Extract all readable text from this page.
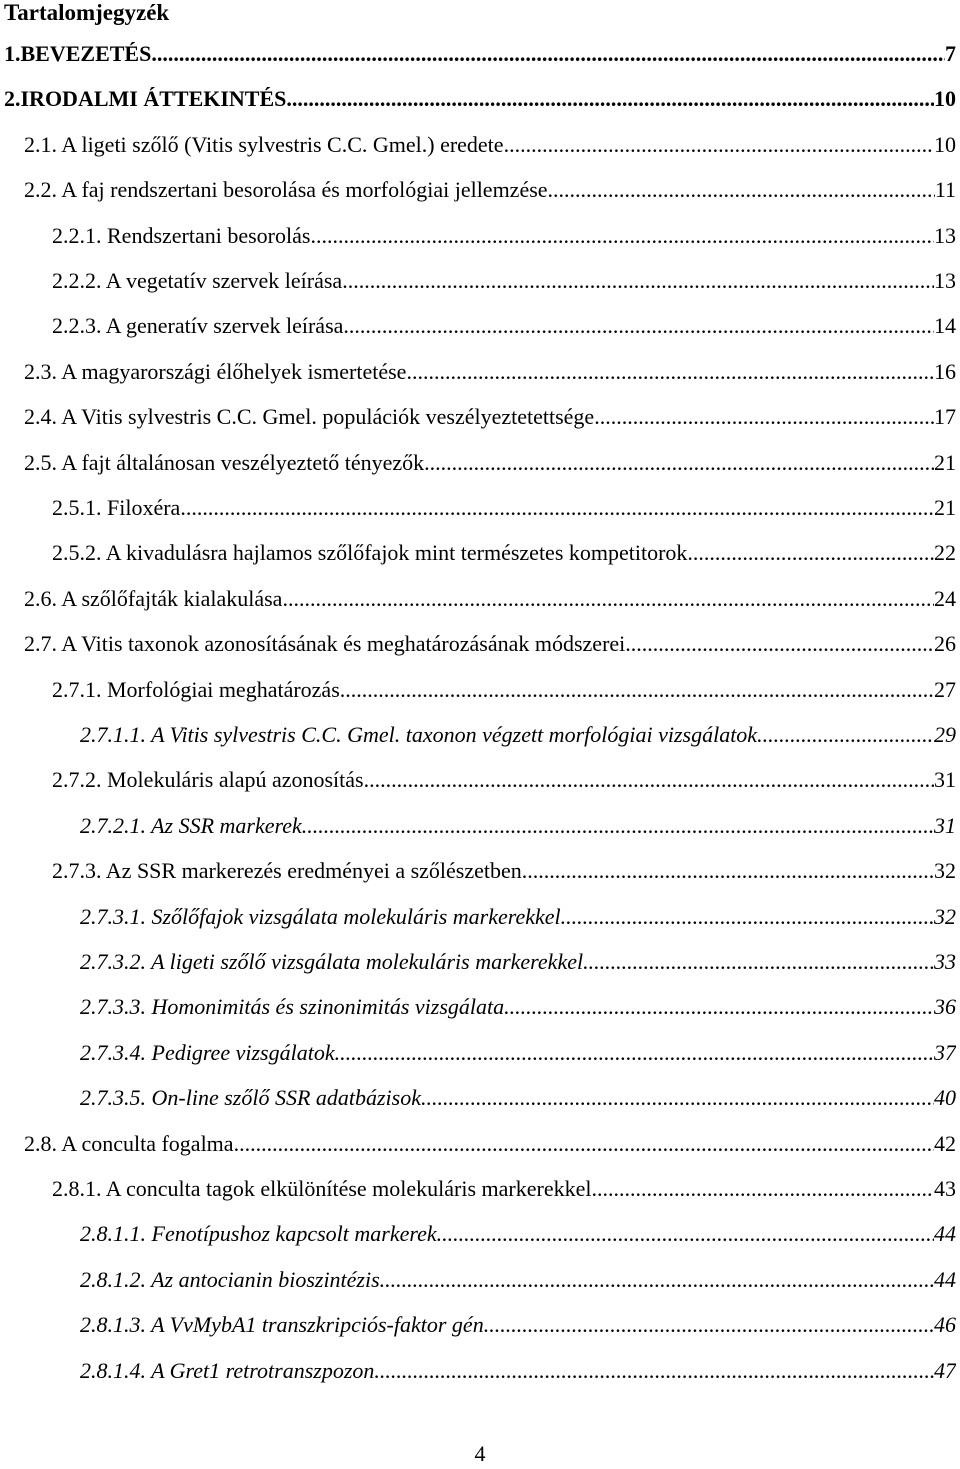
Tartalomjegyzék
1. BEVEZETÉS .....	7
2. IRODALMI ÁTTEKINTÉS .....	10
2.1. A ligeti szőlő (Vitis sylvestris C.C. Gmel.) eredete .....	10
2.2. A faj rendszertani besorolása és morfológiai jellemzése .....	11
2.2.1. Rendszertani besorolás .....	13
2.2.2. A vegetatív szervek leírása .....	13
2.2.3. A generatív szervek leírása .....	14
2.3. A magyarországi élőhelyek ismertetése .....	16
2.4. A Vitis sylvestris C.C. Gmel. populációk veszélyeztetettsége .....	17
2.5. A fajt általánosan veszélyeztető tényezők .....	21
2.5.1. Filoxéra .....	21
2.5.2. A kivadulásra hajlamos szőlőfajok mint természetes kompetitorok .....	22
2.6. A szőlőfajták kialakulása .....	24
2.7. A Vitis taxonok azonosításának és meghatározásának módszerei .....	26
2.7.1. Morfológiai meghatározás .....	27
2.7.1.1. A Vitis sylvestris C.C. Gmel. taxonon végzett morfológiai vizsgálatok .....	29
2.7.2. Molekuláris alapú azonosítás .....	31
2.7.2.1. Az SSR markerek .....	31
2.7.3. Az SSR markerezés eredményei a szőlészetben .....	32
2.7.3.1. Szőlőfajok vizsgálata molekuláris markerekkel .....	32
2.7.3.2. A ligeti szőlő vizsgálata molekuláris markerekkel .....	33
2.7.3.3. Homonimitás és szinonimitás vizsgálata .....	36
2.7.3.4. Pedigree vizsgálatok .....	37
2.7.3.5. On-line szőlő SSR adatbázisok .....	40
2.8. A conculta fogalma .....	42
2.8.1. A conculta tagok elkülönítése molekuláris markerekkel .....	43
2.8.1.1. Fenotípushoz kapcsolt markerek .....	44
2.8.1.2. Az antocianin bioszintézis .....	44
2.8.1.3. A VvMybA1 transzkripciós-faktor gén .....	46
2.8.1.4. A Gret1 retrotranszpozon .....	47
4
